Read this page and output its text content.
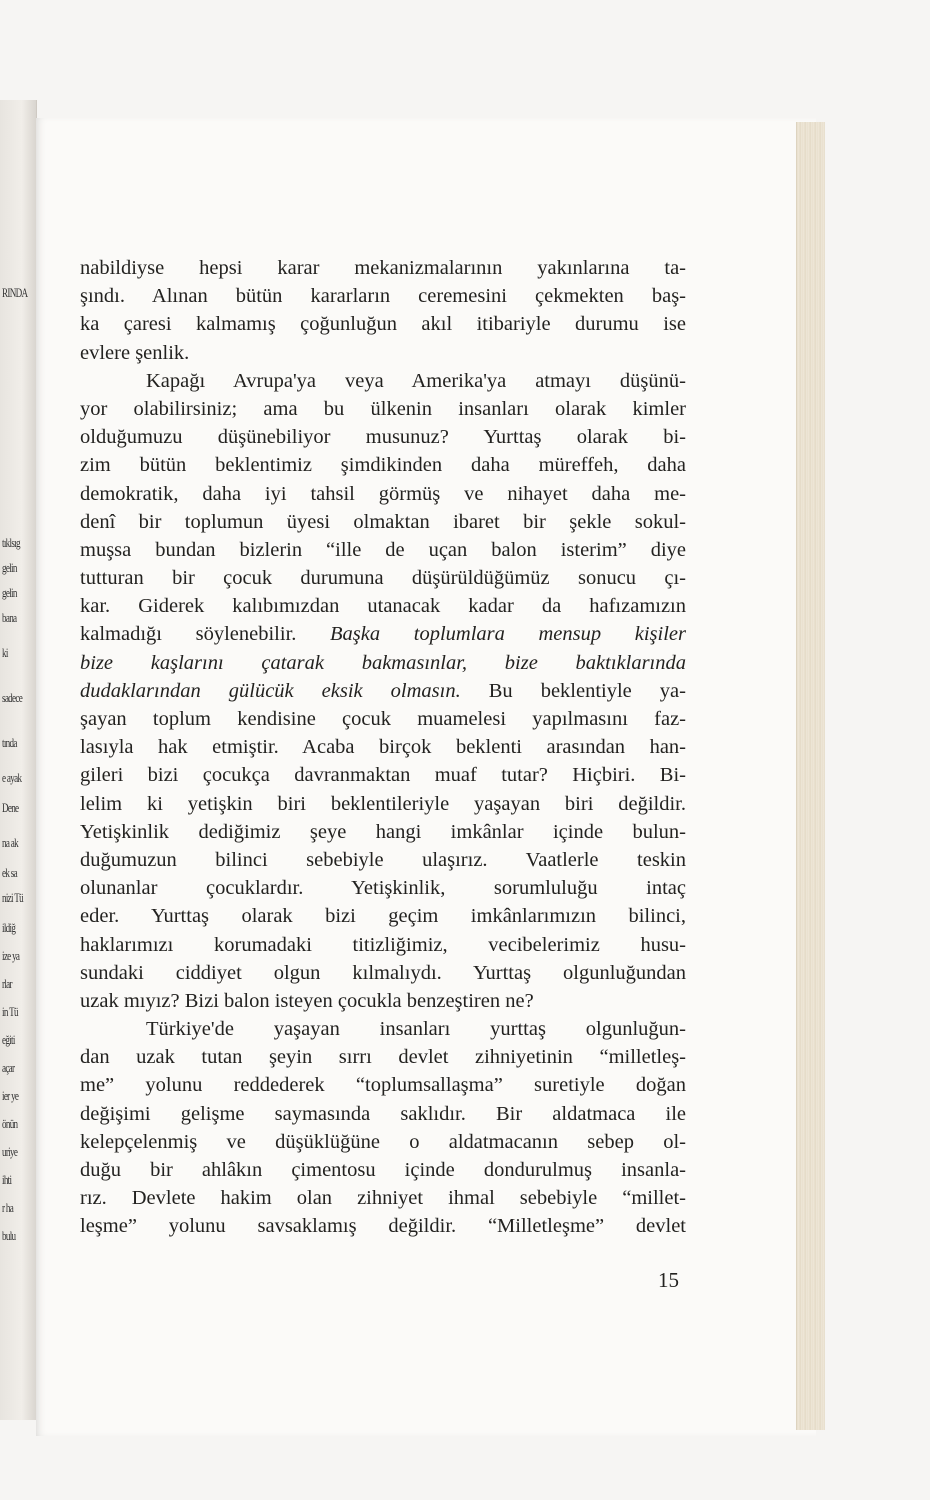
RINDA
tıklsıg
gelin
gelin
bana
ki
sadece
tında
e ayak
Dene
na ak
ek sa
nizi Tü
ildiğ
ize ya
rlar
in Tü
eğiti
açar
ier ye
önün
uriye
ihti
r ha
bulu
nabildiyse hepsi karar mekanizmalarının yakınlarına ta-
şındı. Alınan bütün kararların ceremesini çekmekten baş-
ka çaresi kalmamış çoğunluğun akıl itibariyle durumu ise
evlere şenlik.
Kapağı Avrupa'ya veya Amerika'ya atmayı düşünü-
yor olabilirsiniz; ama bu ülkenin insanları olarak kimler
olduğumuzu düşünebiliyor musunuz? Yurttaş olarak bi-
zim bütün beklentimiz şimdikinden daha müreffeh, daha
demokratik, daha iyi tahsil görmüş ve nihayet daha me-
denî bir toplumun üyesi olmaktan ibaret bir şekle sokul-
muşsa bundan bizlerin “ille de uçan balon isterim” diye
tutturan bir çocuk durumuna düşürüldüğümüz sonucu çı-
kar. Giderek kalıbımızdan utanacak kadar da hafızamızın
kalmadığı söylenebilir. Başka toplumlara mensup kişiler
bize kaşlarını çatarak bakmasınlar, bize baktıklarında
dudaklarından gülücük eksik olmasın. Bu beklentiyle ya-
şayan toplum kendisine çocuk muamelesi yapılmasını faz-
lasıyla hak etmiştir. Acaba birçok beklenti arasından han-
gileri bizi çocukça davranmaktan muaf tutar? Hiçbiri. Bi-
lelim ki yetişkin biri beklentileriyle yaşayan biri değildir.
Yetişkinlik dediğimiz şeye hangi imkânlar içinde bulun-
duğumuzun bilinci sebebiyle ulaşırız. Vaatlerle teskin
olunanlar çocuklardır. Yetişkinlik, sorumluluğu intaç
eder. Yurttaş olarak bizi geçim imkânlarımızın bilinci,
haklarımızı korumadaki titizliğimiz, vecibelerimiz husu-
sundaki ciddiyet olgun kılmalıydı. Yurttaş olgunluğundan
uzak mıyız? Bizi balon isteyen çocukla benzeştiren ne?
Türkiye'de yaşayan insanları yurttaş olgunluğun-
dan uzak tutan şeyin sırrı devlet zihniyetinin “milletleş-
me” yolunu reddederek “toplumsallaşma” suretiyle doğan
değişimi gelişme saymasında saklıdır. Bir aldatmaca ile
kelepçelenmiş ve düşüklüğüne o aldatmacanın sebep ol-
duğu bir ahlâkın çimentosu içinde dondurulmuş insanla-
rız. Devlete hakim olan zihniyet ihmal sebebiyle “millet-
leşme” yolunu savsaklamış değildir. “Milletleşme” devlet
15
